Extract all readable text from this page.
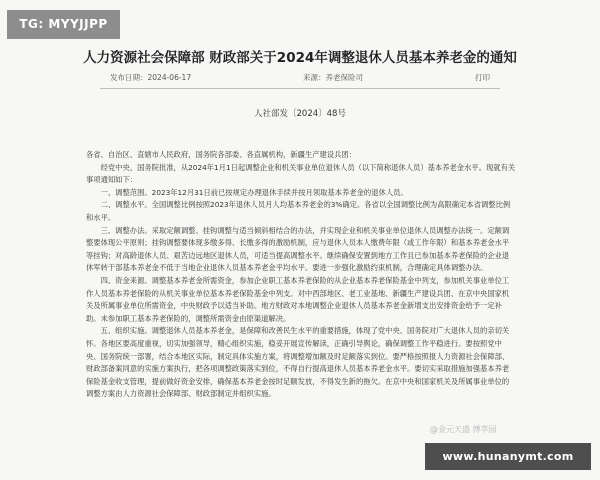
人力资源社会保障部 财政部关于2024年调整退休人员基本养老金的通知
发布日期：2024-06-17	来源：养老保险司	打印
人社部发〔2024〕48号

各省、自治区、直辖市人民政府，国务院各部委、各直属机构，新疆生产建设兵团：

经党中央、国务院批准，从2024年1月1日起调整企业和机关事业单位退休人员（以下简称退休人员）基本养老金水平。现就有关事项通知如下：

一、调整范围。2023年12月31日前已按规定办理退休手续并按月领取基本养老金的退休人员。

二、调整水平。全国调整比例按照2023年退休人员月人均基本养老金的3%确定。各省以全国调整比例为高限确定本省调整比例和水平。

三、调整办法。采取定额调整、挂钩调整与适当倾斜相结合的办法，并实现企业和机关事业单位退休人员调整办法统一。定额调整要体现公平原则；挂钩调整要体现多缴多得、长缴多得的激励机制，应与退休人员本人缴费年限（或工作年限）和基本养老金水平等挂钩；对高龄退休人员、艰苦边远地区退休人员，可适当提高调整水平。继续确保安置到地方工作且已参加基本养老保险的企业退休军转干部基本养老金不低于当地企业退休人员基本养老金平均水平。要进一步强化激励约束机制，合理确定具体调整办法。

四、资金来源。调整基本养老金所需资金，参加企业职工基本养老保险的从企业基本养老保险基金中列支，参加机关事业单位工作人员基本养老保险的从机关事业单位基本养老保险基金中列支。对中西部地区、老工业基地、新疆生产建设兵团、在京中央国家机关及所属事业单位所需资金，中央财政予以适当补助。地方财政对本地调整企业退休人员基本养老金新增支出安排资金给予一定补助。未参加职工基本养老保险的，调整所需资金由原渠道解决。

五、组织实施。调整退休人员基本养老金，是保障和改善民生水平的重要措施，体现了党中央、国务院对广大退休人员的亲切关怀。各地区要高度重视，切实加强领导，精心组织实施，稳妥开展宣传解读，正确引导舆论，确保调整工作平稳进行。要按照党中央、国务院统一部署，结合本地区实际，制定具体实施方案，将调整增加额及时足额落实到位。要严格按照报人力资源社会保障部、财政部备案同意的实施方案执行，把各项调整政策落实到位，不得自行提高退休人员基本养老金水平。要切实采取措施加强基本养老保险基金收支管理，提前做好资金安排，确保基本养老金按时足额发放，不得发生新的拖欠。在京中央和国家机关及所属事业单位的调整方案由人力资源社会保障部、财政部制定并组织实施。

@金元天盛 博萃园
TG: MYYJJPP
www.hunanymt.com
